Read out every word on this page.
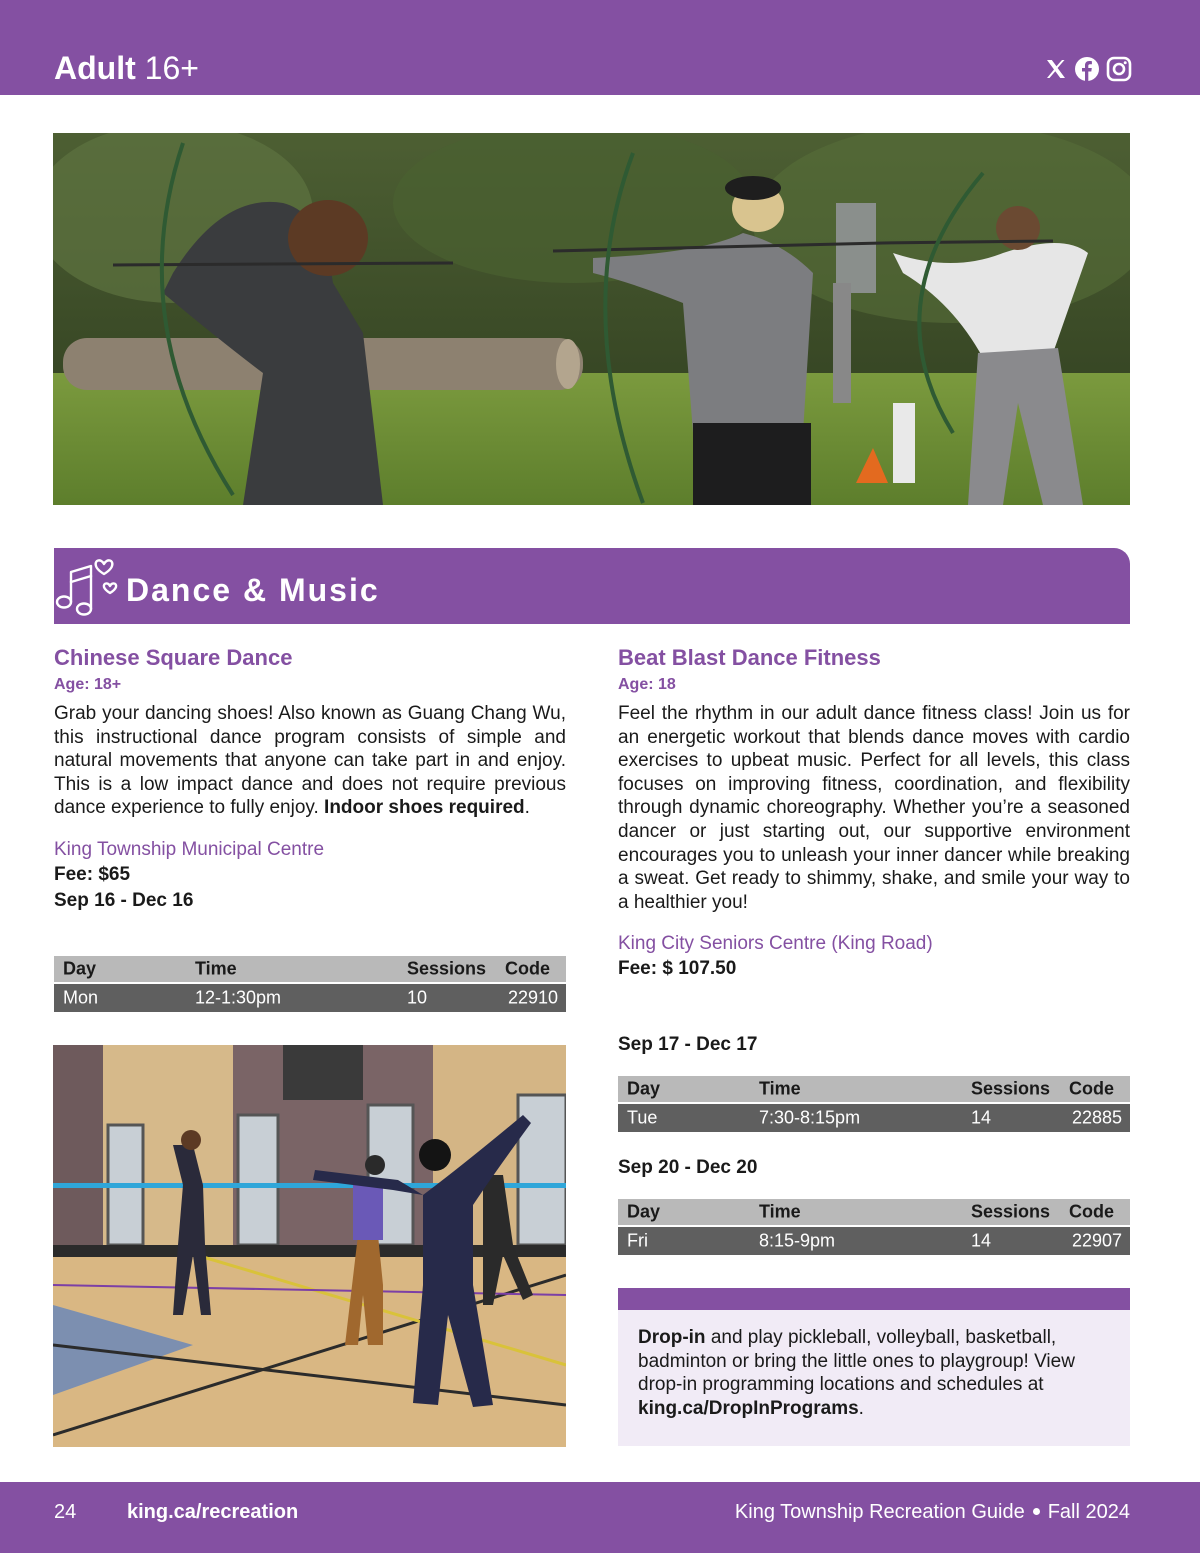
Adult 16+
Dance & Music
Chinese Square Dance
Age: 18+

Grab your dancing shoes! Also known as Guang Chang Wu, this instructional dance program consists of simple and natural movements that anyone can take part in and enjoy. This is a low impact dance and does not require previous dance experience to fully enjoy. Indoor shoes required.

King Township Municipal Centre

Fee: $65

Sep 16 - Dec 16

Day	Time	Sessions Code
Mon	12-1:30pm	10	22910
Beat Blast Dance Fitness
Age: 18

Feel the rhythm in our adult dance fitness class! Join us for an energetic workout that blends dance moves with cardio exercises to upbeat music. Perfect for all levels, this class focuses on improving fitness, coordination, and flexibility through dynamic choreography. Whether you’re a seasoned dancer or just starting out, our supportive environment encourages you to unleash your inner dancer while breaking a sweat. Get ready to shimmy, shake, and smile your way to a healthier you!

King City Seniors Centre (King Road)

Fee: $ 107.50

Sep 17 - Dec 17
Day	Time	Sessions Code
Tue	7:30-8:15pm	14	22885
Sep 20 - Dec 20
Day	Time	Sessions Code
Fri	8:15-9pm	14	22907

Drop-in and play pickleball, volleyball, basketball, badminton or bring the little ones to playgroup! View drop-in programming locations and schedules at king.ca/DropInPrograms.

24	king.ca/recreation	King Township Recreation Guide Fall 2024
